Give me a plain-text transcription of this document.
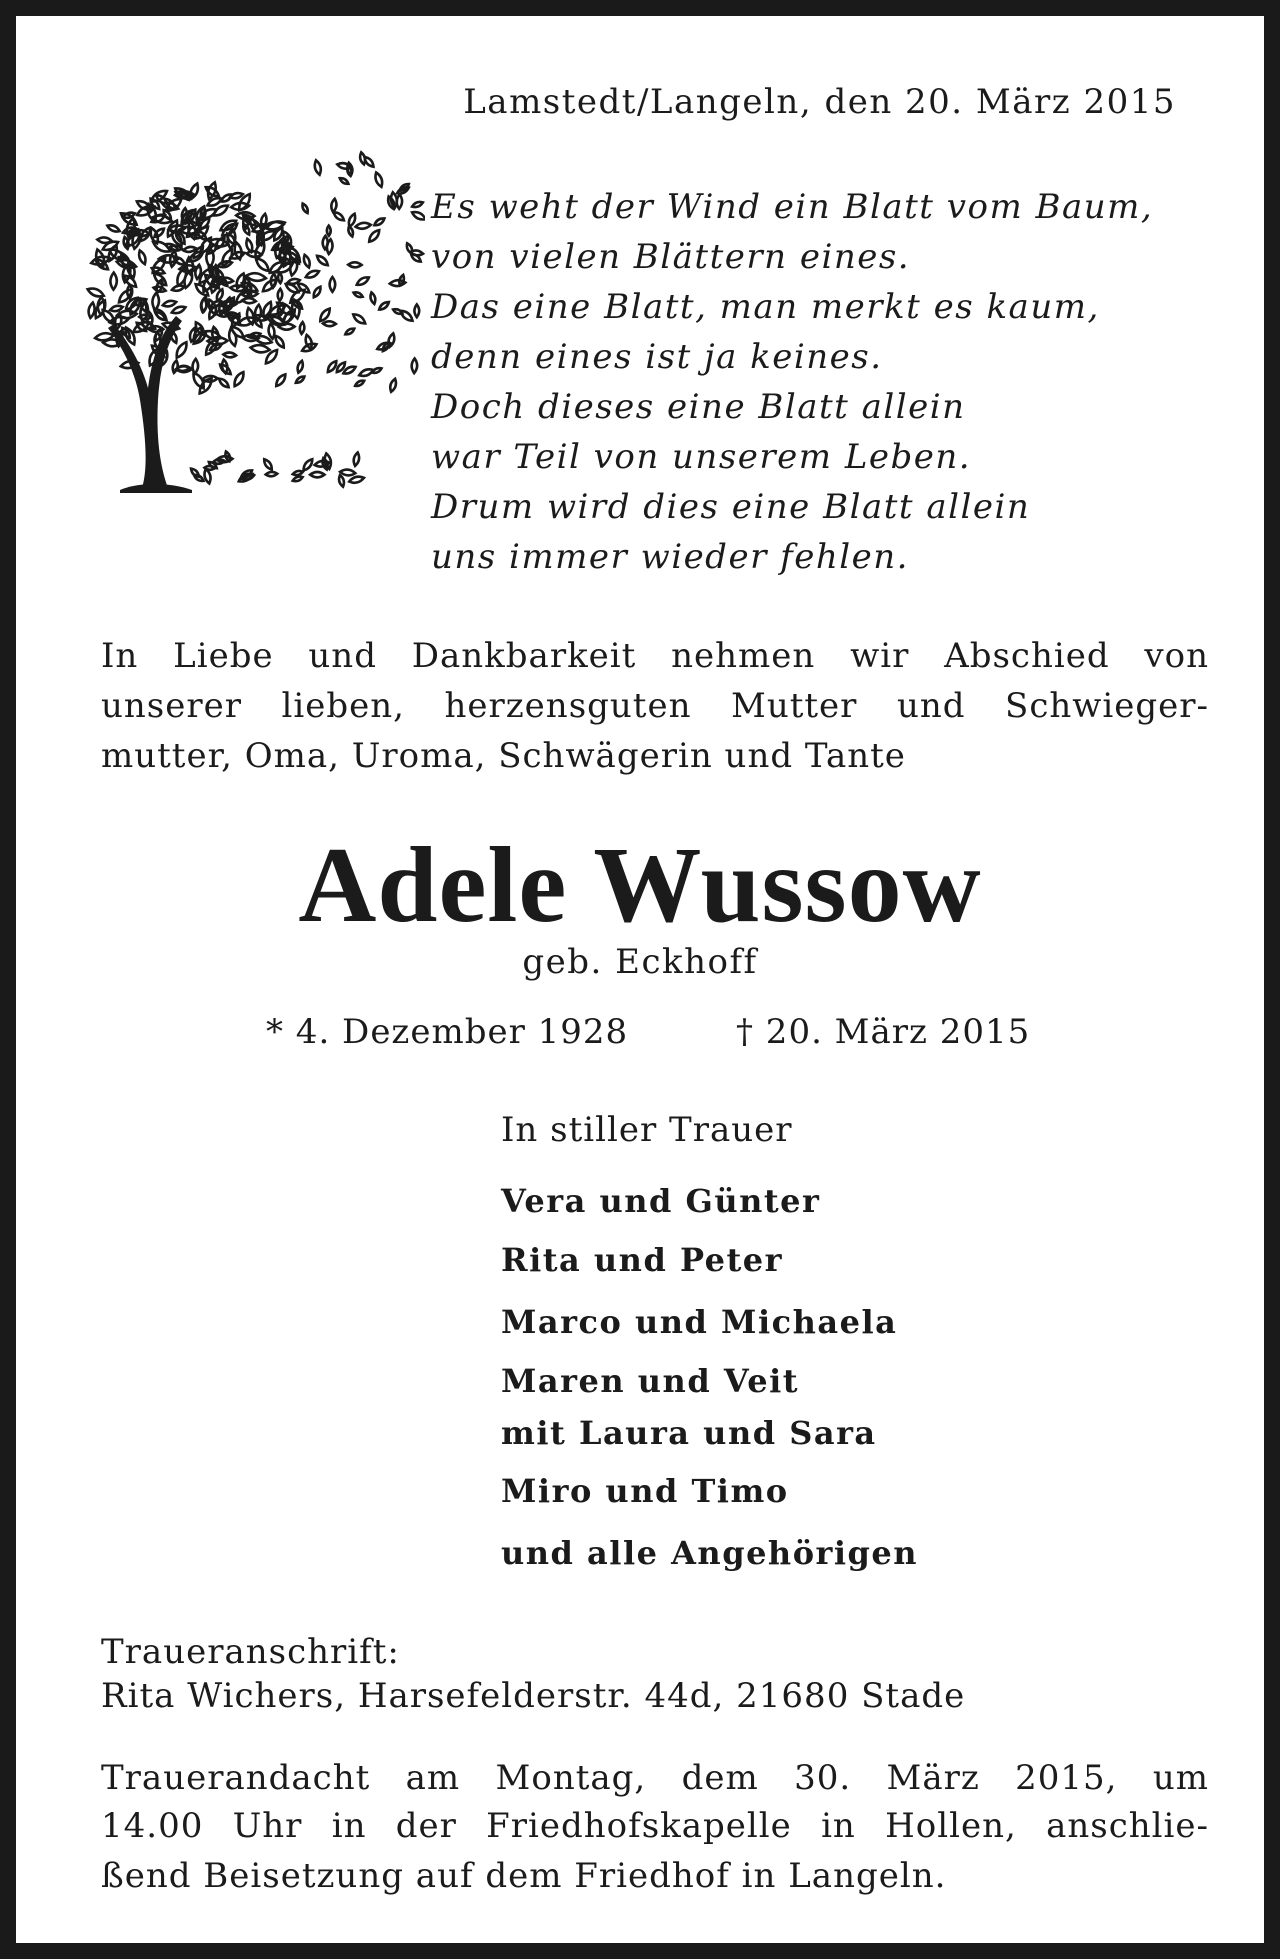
Lamstedt/Langeln, den 20. März 2015
Es weht der Wind ein Blatt vom Baum,
von vielen Blättern eines.
Das eine Blatt, man merkt es kaum,
denn eines ist ja keines.
Doch dieses eine Blatt allein
war Teil von unserem Leben.
Drum wird dies eine Blatt allein
uns immer wieder fehlen.
In Liebe und Dankbarkeit nehmen wir Abschied von
unserer lieben, herzensguten Mutter und Schwieger-
mutter, Oma, Uroma, Schwägerin und Tante
Adele Wussow
geb. Eckhoff
* 4. Dezember 1928	† 20. März 2015
In stiller Trauer
Vera und Günter
Rita und Peter
Marco und Michaela
Maren und Veit
mit Laura und Sara
Miro und Timo
und alle Angehörigen
Traueranschrift:
Rita Wichers, Harsefelderstr. 44d, 21680 Stade
Trauerandacht am Montag, dem 30. März 2015, um
14.00 Uhr in der Friedhofskapelle in Hollen, anschlie-
ßend Beisetzung auf dem Friedhof in Langeln.
